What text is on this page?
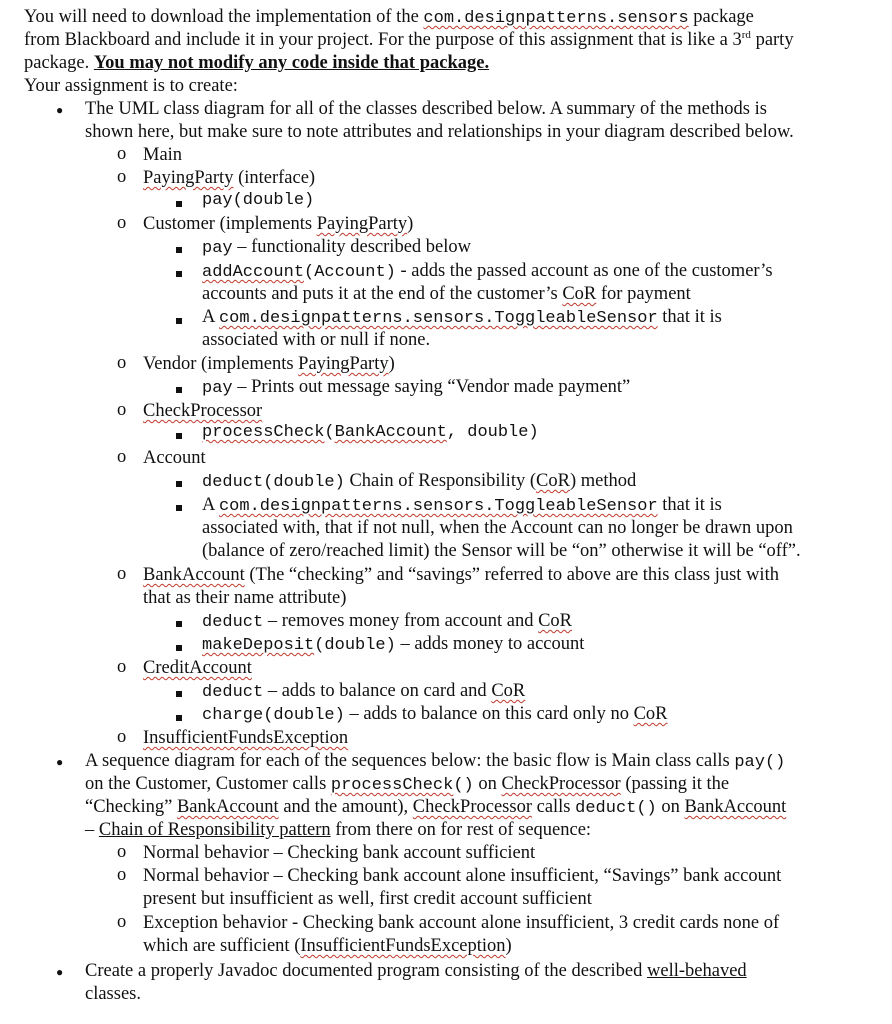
You will need to download the implementation of the com.designpatterns.sensors package
from Blackboard and include it in your project. For the purpose of this assignment that is like a 3rd party
package. You may not modify any code inside that package.
Your assignment is to create:
● The UML class diagram for all of the classes described below. A summary of the methods is
shown here, but make sure to note attributes and relationships in your diagram described below.
o Main
o PayingParty (interface)
pay(double)
o Customer (implements PayingParty)
pay – functionality described below
addAccount(Account) - adds the passed account as one of the customer’s
accounts and puts it at the end of the customer’s CoR for payment
A com.designpatterns.sensors.ToggleableSensor that it is
associated with or null if none.
o Vendor (implements PayingParty)
pay – Prints out message saying “Vendor made payment”
o CheckProcessor
processCheck(BankAccount, double)
o Account
deduct(double) Chain of Responsibility (CoR) method
A com.designpatterns.sensors.ToggleableSensor that it is
associated with, that if not null, when the Account can no longer be drawn upon
(balance of zero/reached limit) the Sensor will be “on” otherwise it will be “off”.
o BankAccount (The “checking” and “savings” referred to above are this class just with
that as their name attribute)
deduct – removes money from account and CoR
makeDeposit(double) – adds money to account
o CreditAccount
deduct – adds to balance on card and CoR
charge(double) – adds to balance on this card only no CoR
o InsufficientFundsException
● A sequence diagram for each of the sequences below: the basic flow is Main class calls pay()
on the Customer, Customer calls processCheck() on CheckProcessor (passing it the
“Checking” BankAccount and the amount), CheckProcessor calls deduct() on BankAccount
– Chain of Responsibility pattern from there on for rest of sequence:
o Normal behavior – Checking bank account sufficient
o Normal behavior – Checking bank account alone insufficient, “Savings” bank account
present but insufficient as well, first credit account sufficient
o Exception behavior - Checking bank account alone insufficient, 3 credit cards none of
which are sufficient (InsufficientFundsException)
● Create a properly Javadoc documented program consisting of the described well-behaved
classes.
